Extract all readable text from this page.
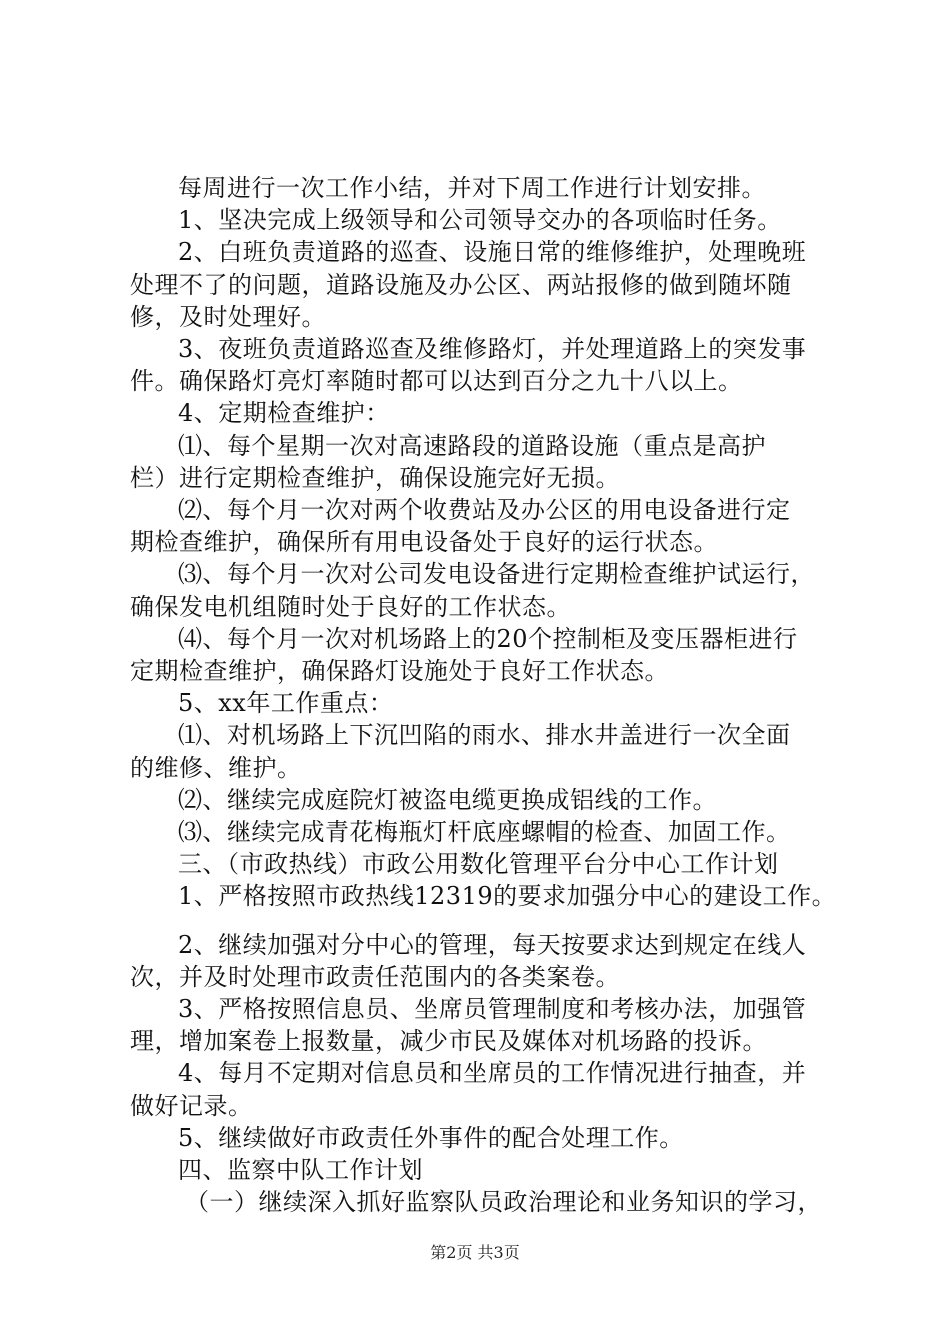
每周进行一次工作小结，并对下周工作进行计划安排。
1、坚决完成上级领导和公司领导交办的各项临时任务。
2、白班负责道路的巡查、设施日常的维修维护，处理晚班
处理不了的问题，道路设施及办公区、两站报修的做到随坏随
修，及时处理好。
3、夜班负责道路巡查及维修路灯，并处理道路上的突发事
件。确保路灯亮灯率随时都可以达到百分之九十八以上。
4、定期检查维护：
⑴、每个星期一次对高速路段的道路设施（重点是高护
栏）进行定期检查维护，确保设施完好无损。
⑵、每个月一次对两个收费站及办公区的用电设备进行定
期检查维护，确保所有用电设备处于良好的运行状态。
⑶、每个月一次对公司发电设备进行定期检查维护试运行，
确保发电机组随时处于良好的工作状态。
⑷、每个月一次对机场路上的20个控制柜及变压器柜进行
定期检查维护，确保路灯设施处于良好工作状态。
5、xx年工作重点：
⑴、对机场路上下沉凹陷的雨水、排水井盖进行一次全面
的维修、维护。
⑵、继续完成庭院灯被盗电缆更换成铝线的工作。
⑶、继续完成青花梅瓶灯杆底座螺帽的检查、加固工作。
三、（市政热线）市政公用数化管理平台分中心工作计划
1、严格按照市政热线12319的要求加强分中心的建设工作。
2、继续加强对分中心的管理，每天按要求达到规定在线人
次，并及时处理市政责任范围内的各类案卷。
3、严格按照信息员、坐席员管理制度和考核办法，加强管
理，增加案卷上报数量，减少市民及媒体对机场路的投诉。
4、每月不定期对信息员和坐席员的工作情况进行抽查，并
做好记录。
第2页 共3页
5、继续做好市政责任外事件的配合处理工作。
四、监察中队工作计划
（一）继续深入抓好监察队员政治理论和业务知识的学习，
